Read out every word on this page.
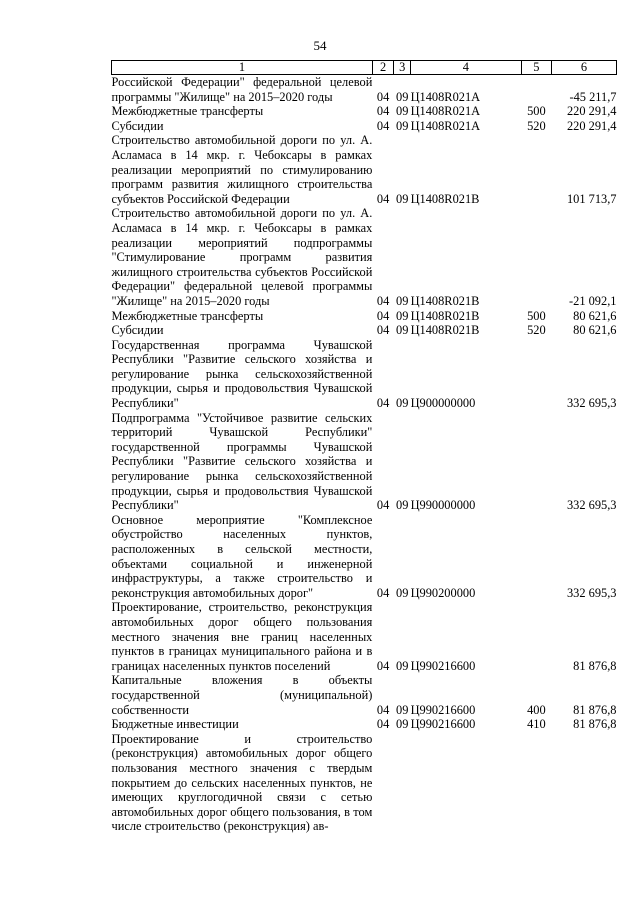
54
1	2	3	4	5	6
Российской Федерации" федеральной целевой программы "Жилище" на 2015–2020 годы	04	09	Ц1408R021A		-45 211,7
Межбюджетные трансферты	04	09	Ц1408R021A	500	220 291,4
Субсидии	04	09	Ц1408R021A	520	220 291,4
Строительство автомобильной дороги по ул. А. Асламаса в 14 мкр. г. Чебоксары в рамках реализации мероприятий по стимулированию программ развития жилищного строительства субъектов Российской Федерации	04	09	Ц1408R021B		101 713,7
Строительство автомобильной дороги по ул. А. Асламаса в 14 мкр. г. Чебоксары в рамках реализации мероприятий подпрограммы "Стимулирование программ развития жилищного строительства субъектов Российской Федерации" федеральной целевой программы "Жилище" на 2015–2020 годы	04	09	Ц1408R021B		-21 092,1
Межбюджетные трансферты	04	09	Ц1408R021B	500	80 621,6
Субсидии	04	09	Ц1408R021B	520	80 621,6
Государственная программа Чувашской Республики "Развитие сельского хозяйства и регулирование рынка сельскохозяйственной продукции, сырья и продовольствия Чувашской Республики"	04	09	Ц900000000		332 695,3
Подпрограмма "Устойчивое развитие сельских территорий Чувашской Республики" государственной программы Чувашской Республики "Развитие сельского хозяйства и регулирование рынка сельскохозяйственной продукции, сырья и продовольствия Чувашской Республики"	04	09	Ц990000000		332 695,3
Основное мероприятие "Комплексное обустройство населенных пунктов, расположенных в сельской местности, объектами социальной и инженерной инфраструктуры, а также строительство и реконструкция автомобильных дорог"	04	09	Ц990200000		332 695,3
Проектирование, строительство, реконструкция автомобильных дорог общего пользования местного значения вне границ населенных пунктов в границах муниципального района и в границах населенных пунктов поселений	04	09	Ц990216600		81 876,8
Капитальные вложения в объекты государственной (муниципальной) собственности	04	09	Ц990216600	400	81 876,8
Бюджетные инвестиции	04	09	Ц990216600	410	81 876,8
Проектирование и строительство (реконструкция) автомобильных дорог общего пользования местного значения с твердым покрытием до сельских населенных пунктов, не имеющих круглогодичной связи с сетью автомобильных дорог общего пользования, в том числе строительство (реконструкция) ав-					
